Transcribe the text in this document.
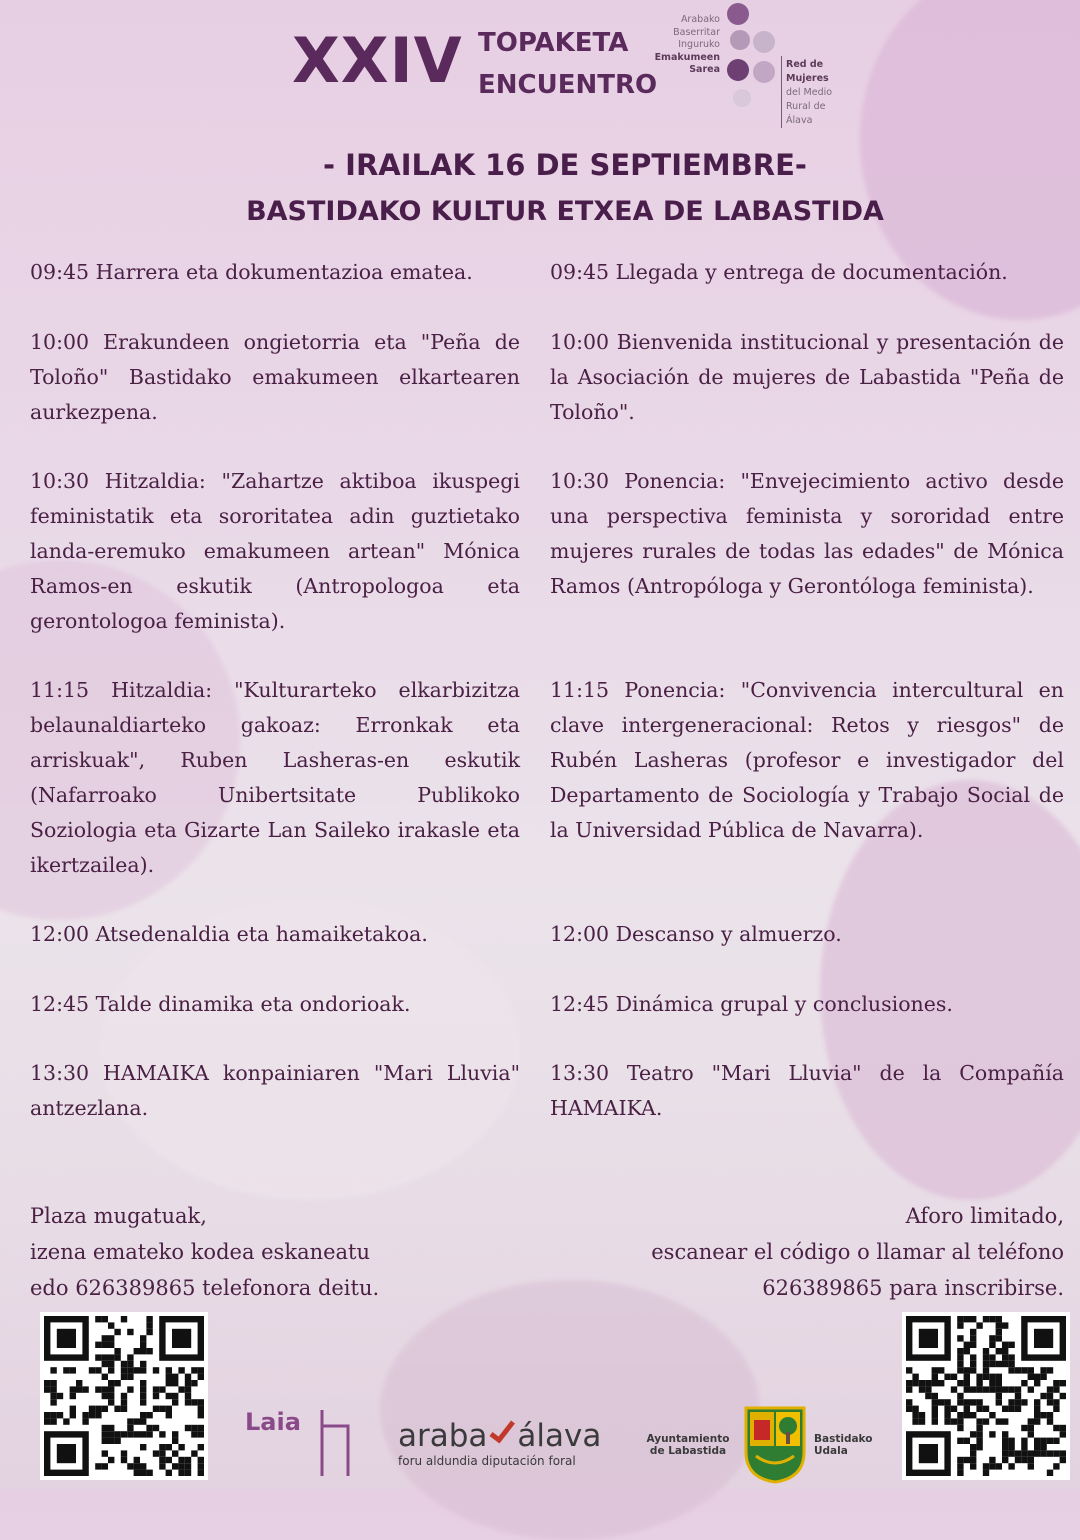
XXIV TOPAKETA
ENCUENTRO
Arabako
Baserritar
Inguruko
Emakumeen
Sarea	Red de
Mujeres
del Medio
Rural de
Álava
- IRAILAK 16 DE SEPTIEMBRE-
BASTIDAKO KULTUR ETXEA DE LABASTIDA
09:45 Harrera eta dokumentazioa ematea.
10:00 Erakundeen ongietorria eta "Peña de Toloño" Bastidako emakumeen elkartearen aurkezpena.
10:30 Hitzaldia: "Zahartze aktiboa ikuspegi feministatik eta sororitatea adin guztietako landa-eremuko emakumeen artean" Mónica Ramos-en eskutik (Antropologoa eta gerontologoa feminista).
11:15 Hitzaldia: "Kulturarteko elkarbizitza belaunaldiarteko gakoaz: Erronkak eta arriskuak", Ruben Lasheras-en eskutik (Nafarroako Unibertsitate Publikoko Soziologia eta Gizarte Lan Saileko irakasle eta ikertzailea).
12:00 Atsedenaldia eta hamaiketakoa.
12:45 Talde dinamika eta ondorioak.
13:30 HAMAIKA konpainiaren "Mari Lluvia" antzezlana.
09:45 Llegada y entrega de documentación.
10:00 Bienvenida institucional y presentación de la Asociación de mujeres de Labastida "Peña de Toloño".
10:30 Ponencia: "Envejecimiento activo desde una perspectiva feminista y sororidad entre mujeres rurales de todas las edades" de Mónica Ramos (Antropóloga y Gerontóloga feminista).
11:15 Ponencia: "Convivencia intercultural en clave intergeneracional: Retos y riesgos" de Rubén Lasheras (profesor e investigador del Departamento de Sociología y Trabajo Social de la Universidad Pública de Navarra).
12:00 Descanso y almuerzo.
12:45 Dinámica grupal y conclusiones.
13:30 Teatro "Mari Lluvia" de la Compañía HAMAIKA.
Plaza mugatuak,
izena emateko kodea eskaneatu
edo 626389865 telefonora deitu.
Aforo limitado,
escanear el código o llamar al teléfono
626389865 para inscribirse.
Laia	araba álava
foru aldundia diputación foral
Ayuntamiento
de Labastida
Bastidako
Udala
